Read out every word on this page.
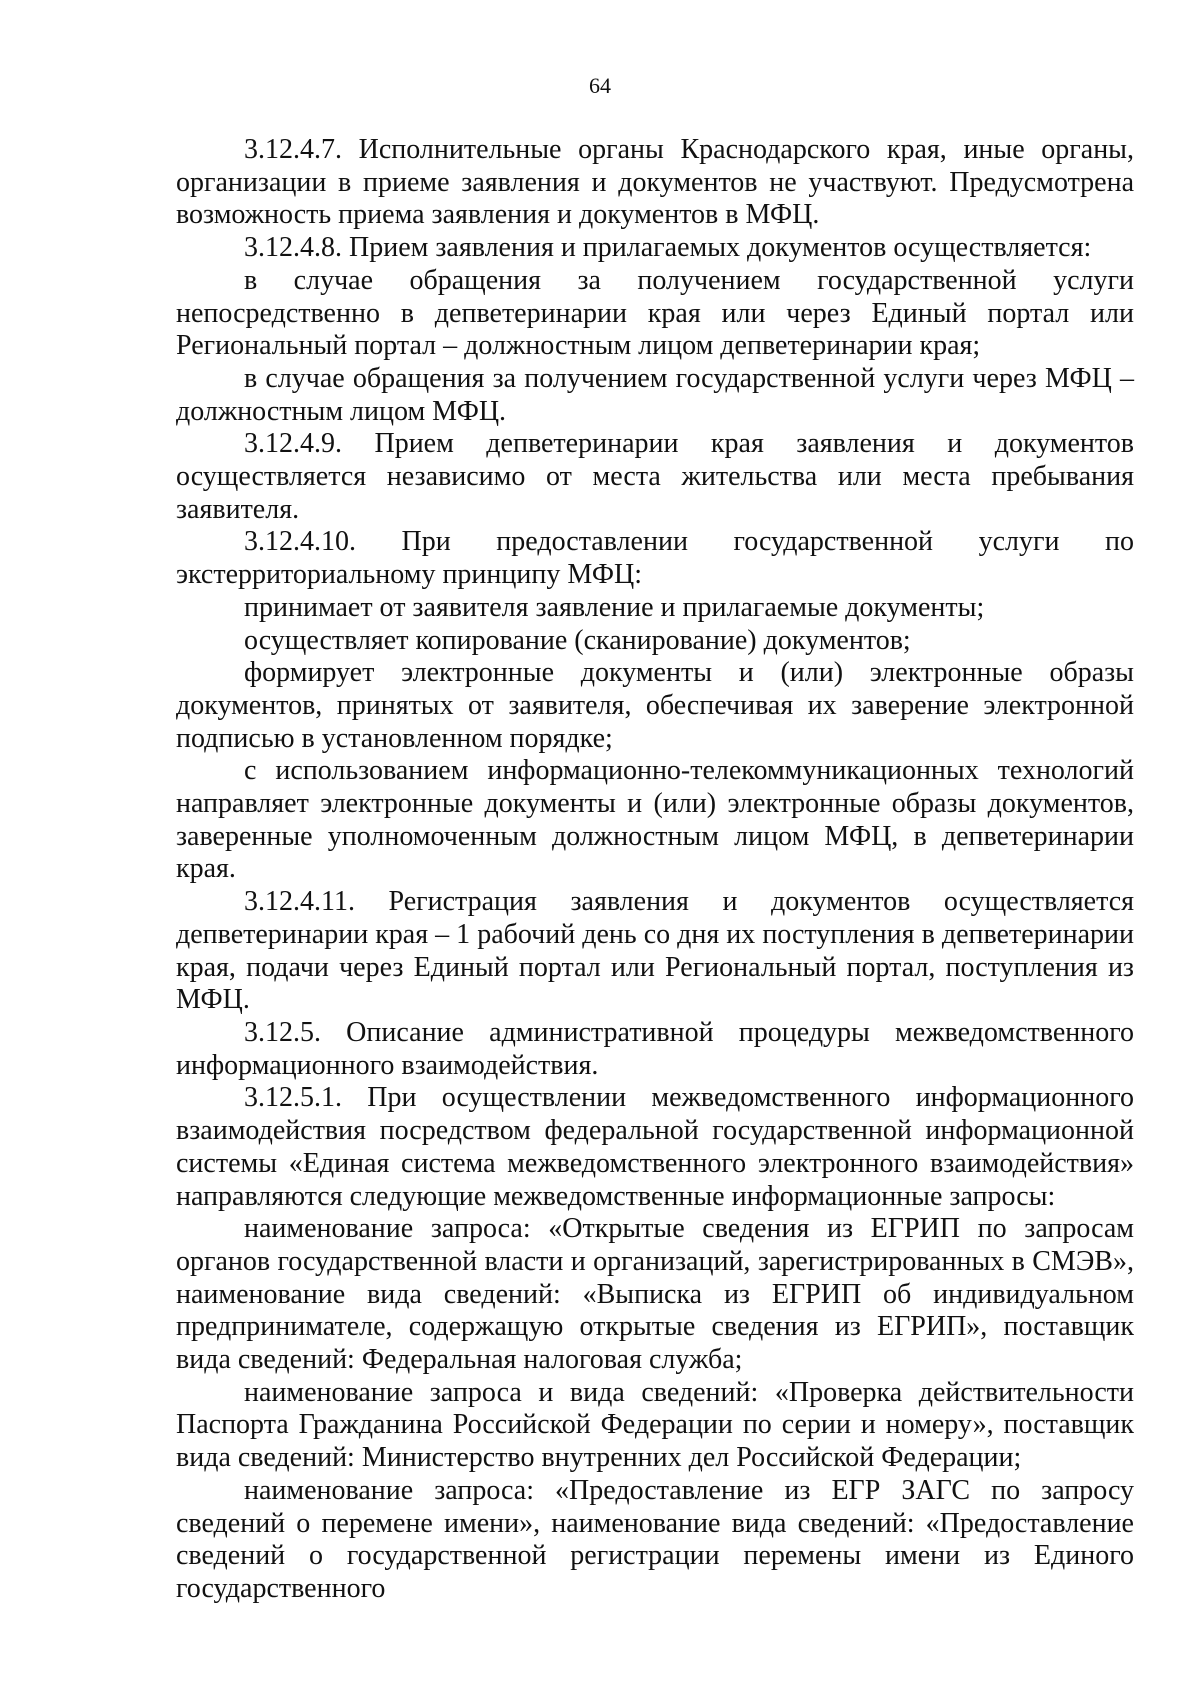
64

3.12.4.7. Исполнительные органы Краснодарского края, иные органы, организации в приеме заявления и документов не участвуют. Предусмотрена возможность приема заявления и документов в МФЦ.

3.12.4.8. Прием заявления и прилагаемых документов осуществляется:

в случае обращения за получением государственной услуги непосредственно в депветеринарии края или через Единый портал или Региональный портал – должностным лицом депветеринарии края;

в случае обращения за получением государственной услуги через МФЦ – должностным лицом МФЦ.

3.12.4.9. Прием депветеринарии края заявления и документов осуществляется независимо от места жительства или места пребывания заявителя.

3.12.4.10. При предоставлении государственной услуги по экстерриториальному принципу МФЦ:

принимает от заявителя заявление и прилагаемые документы;

осуществляет копирование (сканирование) документов;

формирует электронные документы и (или) электронные образы документов, принятых от заявителя, обеспечивая их заверение электронной подписью в установленном порядке;

с использованием информационно-телекоммуникационных технологий направляет электронные документы и (или) электронные образы документов, заверенные уполномоченным должностным лицом МФЦ, в депветеринарии края.

3.12.4.11. Регистрация заявления и документов осуществляется депветеринарии края – 1 рабочий день со дня их поступления в депветеринарии края, подачи через Единый портал или Региональный портал, поступления из МФЦ.

3.12.5. Описание административной процедуры межведомственного информационного взаимодействия.

3.12.5.1. При осуществлении межведомственного информационного взаимодействия посредством федеральной государственной информационной системы «Единая система межведомственного электронного взаимодействия» направляются следующие межведомственные информационные запросы:

наименование запроса: «Открытые сведения из ЕГРИП по запросам органов государственной власти и организаций, зарегистрированных в СМЭВ», наименование вида сведений: «Выписка из ЕГРИП об индивидуальном предпринимателе, содержащую открытые сведения из ЕГРИП», поставщик вида сведений: Федеральная налоговая служба;

наименование запроса и вида сведений: «Проверка действительности Паспорта Гражданина Российской Федерации по серии и номеру», поставщик вида сведений: Министерство внутренних дел Российской Федерации;

наименование запроса: «Предоставление из ЕГР ЗАГС по запросу сведений о перемене имени», наименование вида сведений: «Предоставление сведений о государственной регистрации перемены имени из Единого государственного
